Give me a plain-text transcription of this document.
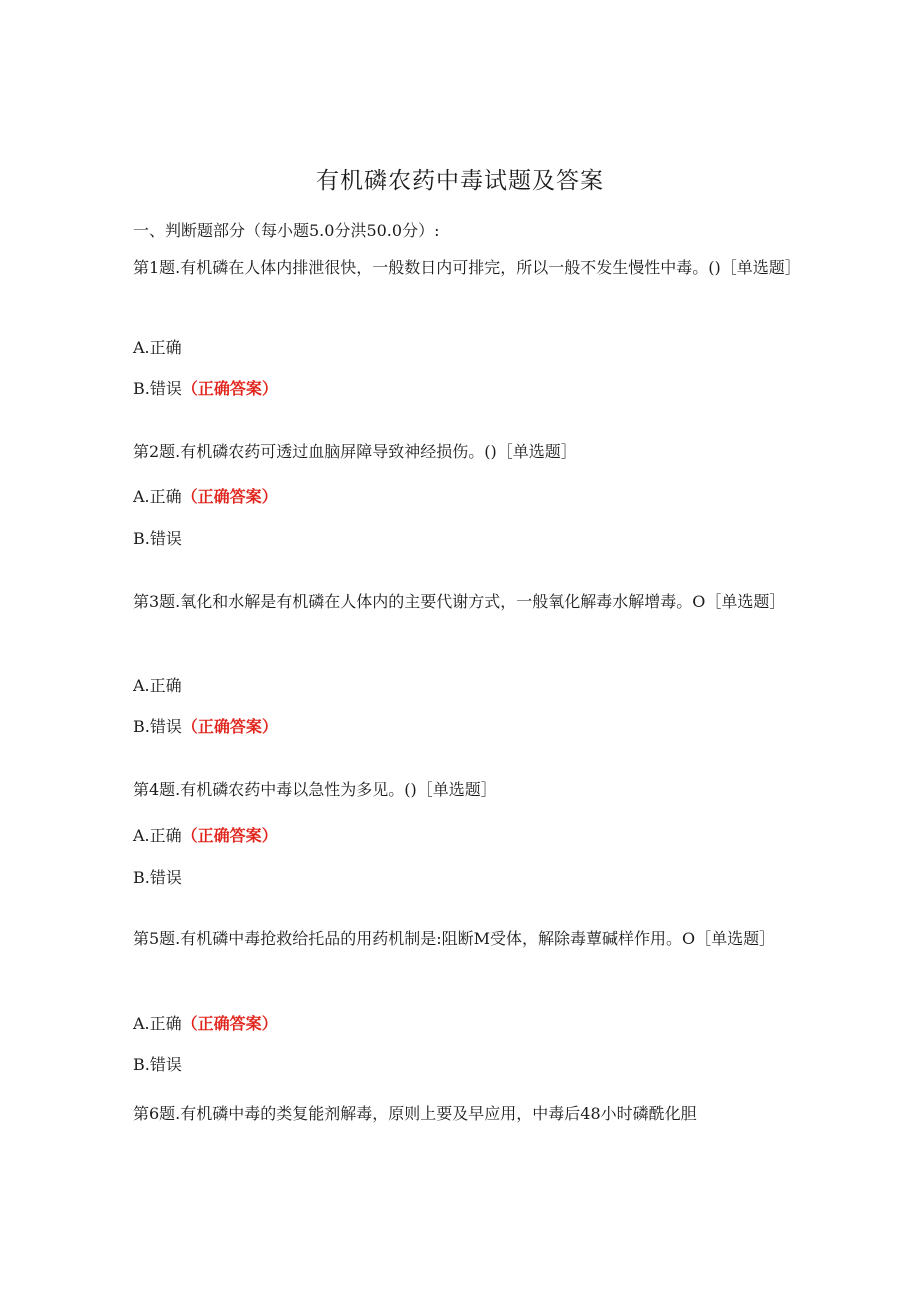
有机磷农药中毒试题及答案
一、判断题部分（每小题5.0分洪50.0分）:

第1题.有机磷在人体内排泄很快，一般数日内可排完，所以一般不发生慢性中毒。()［单选题］

A.正确

B.错误（正确答案）

第2题.有机磷农药可透过血脑屏障导致神经损伤。()［单选题］

A.正确（正确答案）

B.错误

第3题.氧化和水解是有机磷在人体内的主要代谢方式，一般氧化解毒水解增毒。O［单选题］

A.正确

B.错误（正确答案）

第4题.有机磷农药中毒以急性为多见。()［单选题］

A.正确（正确答案）

B.错误

第5题.有机磷中毒抢救给托品的用药机制是:阻断M受体，解除毒蕈碱样作用。O［单选题］

A.正确（正确答案）

B.错误

第6题.有机磷中毒的类复能剂解毒，原则上要及早应用，中毒后48小时磷酰化胆
